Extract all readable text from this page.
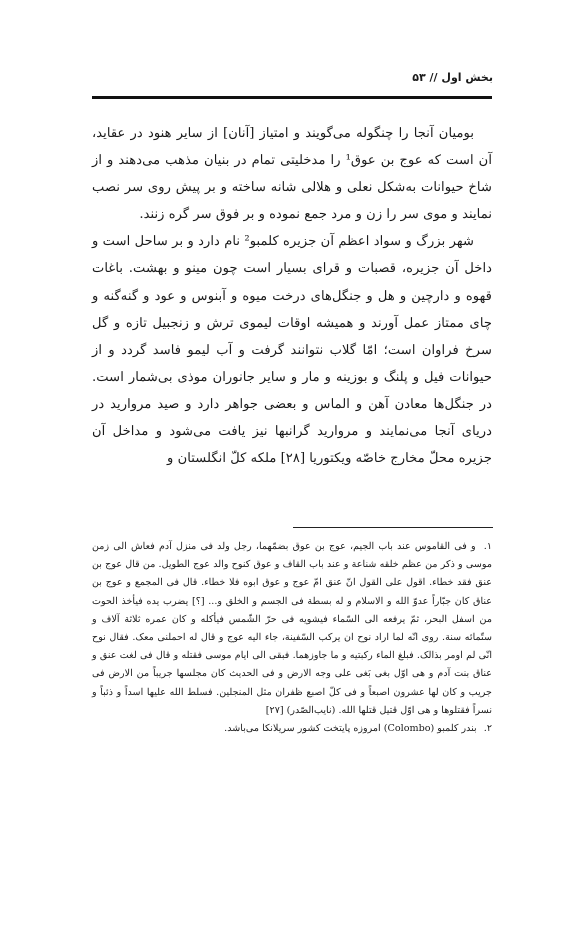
بخش اول // ۵۳

بومیان آنجا را چنگوله می‌گویند و امتیاز [آنان] از سایر هنود در عقاید، آن است که عوج بن عوق¹ را مدخلیتی تمام در بنیان مذهب می‌دهند و از شاخ حیوانات به‌شکل نعلی و هلالی شانه ساخته و بر پیش روی سر نصب نمایند و موی سر را زن و مرد جمع نموده و بر فوق سر گره زنند.

شهر بزرگ و سواد اعظم آن جزیره کلمبو² نام دارد و بر ساحل است و داخل آن جزیره، قصبات و قرای بسیار است چون مینو و بهشت. باغات قهوه و دارچین و هل و جنگل‌های درخت میوه و آبنوس و عود و گنه‌گنه و چای ممتاز عمل آورند و همیشه اوقات لیموی ترش و زنجبیل تازه و گل سرخ فراوان است؛ امّا گلاب نتوانند گرفت و آب لیمو فاسد گردد و از حیوانات فیل و پلنگ و بوزینه و مار و سایر جانوران موذی بی‌شمار است. در جنگل‌ها معادن آهن و الماس و بعضی جواهر دارد و صید مروارید در دریای آنجا می‌نمایند و مروارید گرانبها نیز یافت می‌شود و مداخل آن جزیره محلّ مخارج خاصّه ویکتوریا [۲۸] ملکه کلّ انگلستان و

۱. و فی القاموس عند باب الجیم، عوج بن عوق بضمّهما، رجل ولد فی منزل آدم فعاش الی زمن موسی و ذکر من عظم خلقه شناعة و عند باب القاف و عوق کنوح والد عوج الطویل. من قال عوج بن عنق فقد خطاء. اقول علی القول انّ عنق امّ عوج و عوق ابوه فلا خطاء. قال فی المجمع و عوج بن عناق کان جبّاراً عدوّ الله و الاسلام و له بسطة فی الجسم و الخلق و... [؟] یضرب یده فیأخذ الحوت من اسفل البحر، ثمّ یرفعه الی السّماء فیشویه فی حرّ الشّمس فیأکله و کان عمره ثلاثة آلاف و ستّمائه سنة. روی انّه لما اراد نوح ان یرکب السّفینة، جاء الیه عوج و قال له احملنی معک. فقال نوح انّی لم اومر بذالک. فبلغ الماء رکبتیه و ما جاوزهما. فبقی الی ایام موسی فقتله و قال فی لغت عنق و عناق بنت آدم و هی اوّل بغی بَغی علی وجه الارض و فی الحدیث کان مجلسها جریباً من الارض فی جریب و کان لها عشرون اصبعاً و فی کلّ اصبع ظفران مثل المنجلین. فسلط الله علیها اسداً و ذئباً و نسراً فقتلوها و هی اوّل قتیل قتلها الله. (نایب‌الصّدر) [۲۷]

۲. بندر کلمبو (Colombo) امروزه پایتخت کشور سریلانکا می‌باشد.
